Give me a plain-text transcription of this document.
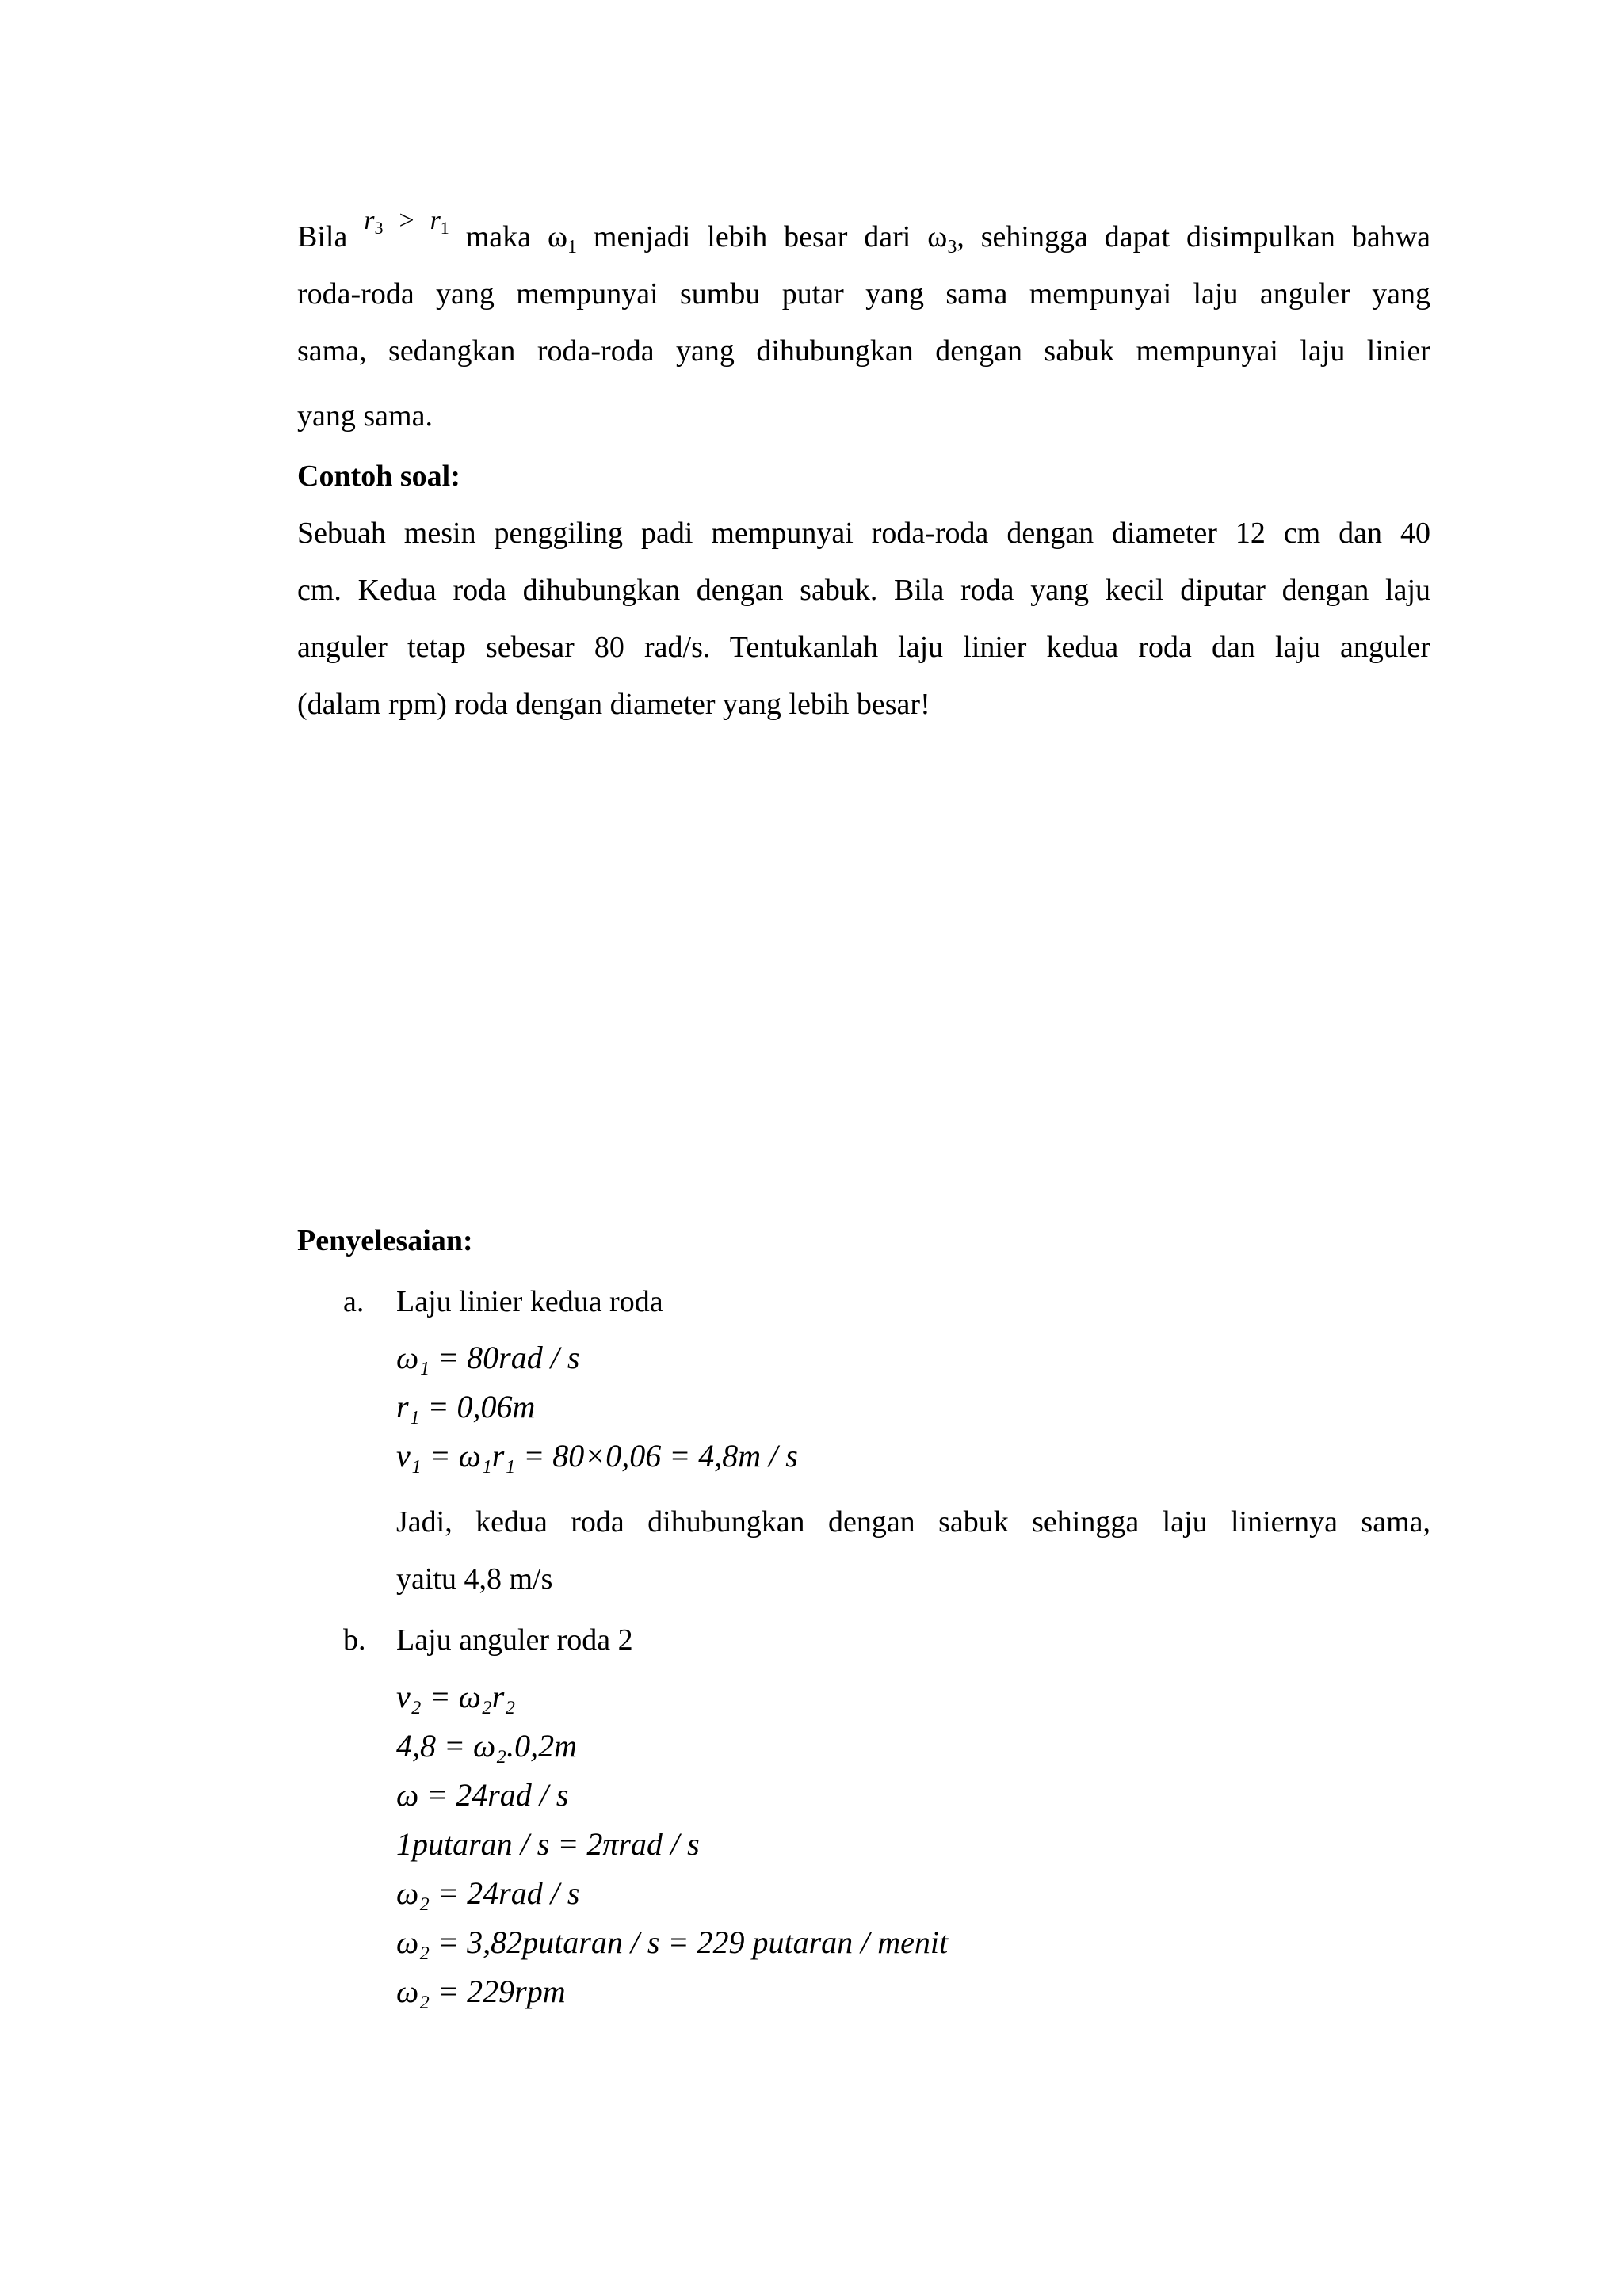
Bila $r_3 > r_1$ maka $\omega_1$ menjadi lebih besar dari $\omega_3$, sehingga dapat disimpulkan bahwa
roda-roda yang mempunyai sumbu putar yang sama mempunyai laju anguler yang
sama, sedangkan roda-roda yang dihubungkan dengan sabuk mempunyai laju linier
yang sama.
Contoh soal:
Sebuah mesin penggiling padi mempunyai roda-roda dengan diameter 12 cm dan 40
cm. Kedua roda dihubungkan dengan sabuk. Bila roda yang kecil diputar dengan laju
anguler tetap sebesar 80 rad/s. Tentukanlah laju linier kedua roda dan laju anguler
(dalam rpm) roda dengan diameter yang lebih besar!
Penyelesaian:
a. Laju linier kedua roda
ω₁ = 80rad / s
r₁ = 0,06m
v₁ = ω₁r₁ = 80×0,06 = 4,8m / s
Jadi, kedua roda dihubungkan dengan sabuk sehingga laju liniernya sama,
yaitu 4,8 m/s
b. Laju anguler roda 2
v₂ = ω₂r₂
4,8 = ω₂.0,2m
ω = 24rad / s
1putaran / s = 2πrad / s
ω₂ = 24rad / s
ω₂ = 3,82putaran / s = 229 putaran / menit
ω₂ = 229rpm
